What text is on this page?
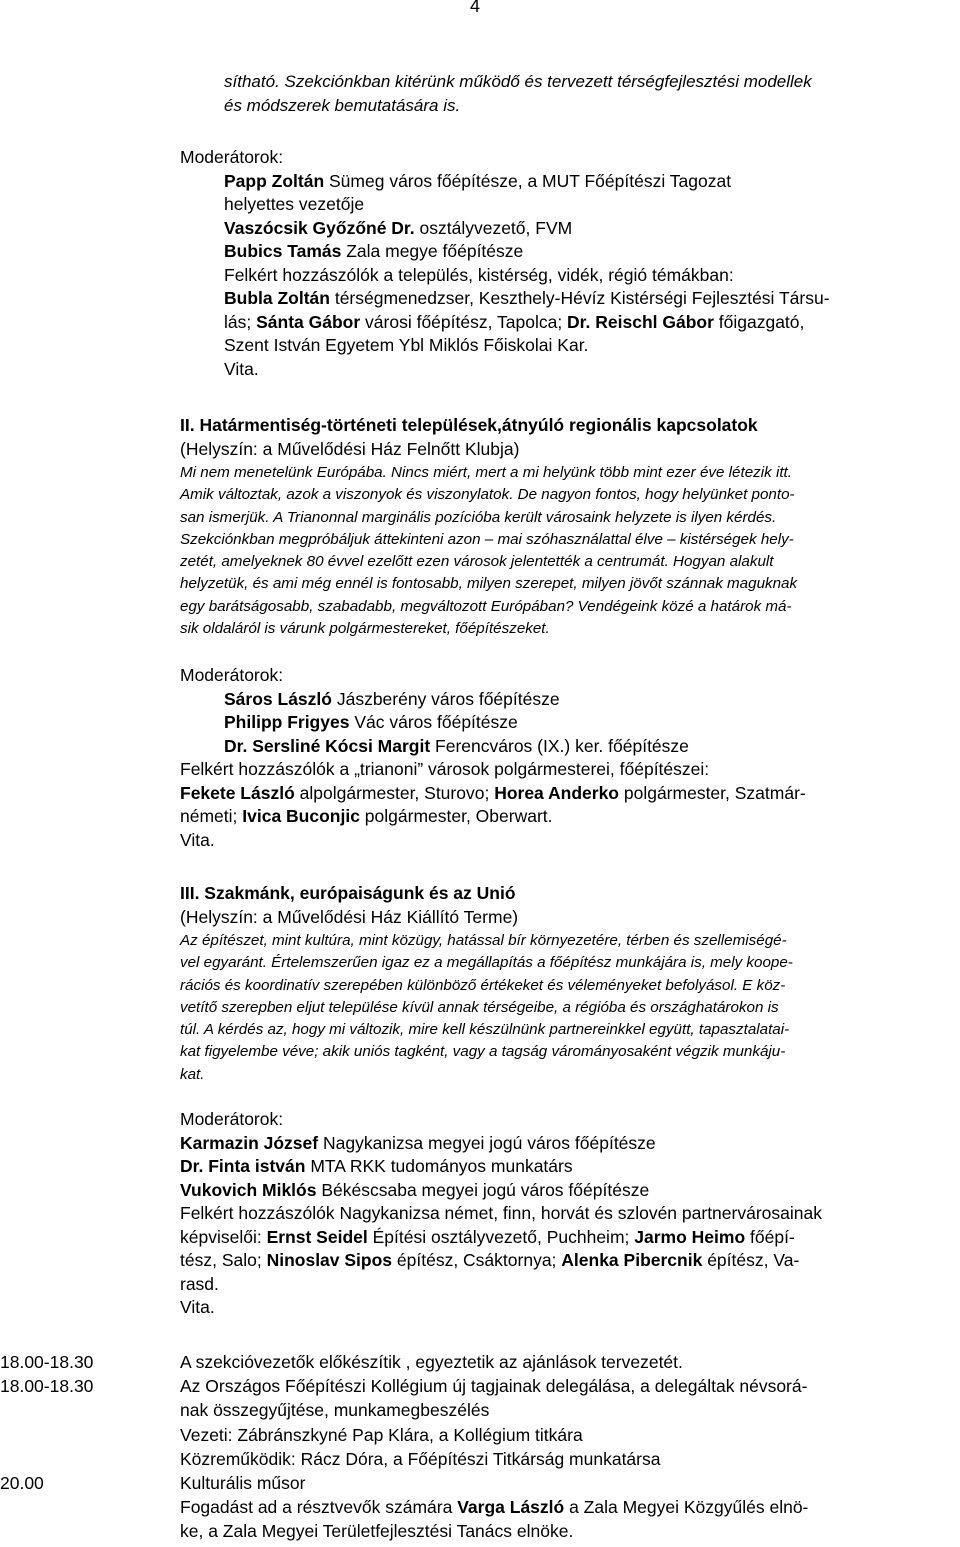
4
sítható. Szekciónkban kitérünk működő és tervezett térségfejlesztési modellek
és módszerek bemutatására is.
Moderátorok:
Papp Zoltán Sümeg város főépítésze, a MUT Főépítészi Tagozat
helyettes vezetője
Vaszócsik Győzőné Dr. osztályvezető, FVM
Bubics Tamás Zala megye főépítésze
Felkért hozzászólók a település, kistérség, vidék, régió témákban:
Bubla Zoltán térségmenedzser, Keszthely-Hévíz Kistérségi Fejlesztési Társu-
lás; Sánta Gábor városi főépítész, Tapolca; Dr. Reischl Gábor főigazgató,
Szent István Egyetem Ybl Miklós Főiskolai Kar.
Vita.
II. Határmentiség-történeti települések,átnyúló regionális kapcsolatok
(Helyszín: a Művelődési Ház Felnőtt Klubja)
Mi nem menetelünk Európába. Nincs miért, mert a mi helyünk több mint ezer éve létezik itt.
Amik változtak, azok a viszonyok és viszonylatok. De nagyon fontos, hogy helyünket ponto-
san ismerjük. A Trianonnal marginális pozícióba került városaink helyzete is ilyen kérdés.
Szekciónkban megpróbáljuk áttekinteni azon – mai szóhasználattal élve – kistérségek hely-
zetét, amelyeknek 80 évvel ezelőtt ezen városok jelentették a centrumát. Hogyan alakult
helyzetük, és ami még ennél is fontosabb, milyen szerepet, milyen jövőt szánnak maguknak
egy barátságosabb, szabadabb, megváltozott Európában? Vendégeink közé a határok má-
sik oldaláról is várunk polgármestereket, főépítészeket.
Moderátorok:
Sáros László Jászberény város főépítésze
Philipp Frigyes Vác város főépítésze
Dr. Sersliné Kócsi Margit Ferencváros (IX.) ker. főépítésze
Felkért hozzászólók a „trianoni” városok polgármesterei, főépítészei:
Fekete László alpolgármester, Sturovo; Horea Anderko polgármester, Szatmár-
németi; Ivica Buconjic polgármester, Oberwart.
Vita.
III. Szakmánk, európaiságunk és az Unió
(Helyszín: a Művelődési Ház Kiállító Terme)
Az építészet, mint kultúra, mint közügy, hatással bír környezetére, térben és szellemiségé-
vel egyaránt. Értelemszerűen igaz ez a megállapítás a főépítész munkájára is, mely koope-
rációs és koordinatív szerepében különböző értékeket és véleményeket befolyásol. E köz-
vetítő szerepben eljut települése kívül annak térségeibe, a régióba és országhatárokon is
túl. A kérdés az, hogy mi változik, mire kell készülnünk partnereinkkel együtt, tapasztalatai-
kat figyelembe véve; akik uniós tagként, vagy a tagság várományosaként végzik munkáju-
kat.
Moderátorok:
Karmazin József Nagykanizsa megyei jogú város főépítésze
Dr. Finta istván MTA RKK tudományos munkatárs
Vukovich Miklós Békéscsaba megyei jogú város főépítésze
Felkért hozzászólók Nagykanizsa német, finn, horvát és szlovén partnervárosainak
képviselői: Ernst Seidel Építési osztályvezető, Puchheim; Jarmo Heimo főépí-
tész, Salo; Ninoslav Sipos építész, Csáktornya; Alenka Pibercnik építész, Va-
rasd.
Vita.
18.00-18.30	A szekcióvezetők előkészítik , egyeztetik az ajánlások tervezetét.
18.00-18.30	Az Országos Főépítészi Kollégium új tagjainak delegálása, a delegáltak névsorá-
nak összegyűjtése, munkamegbeszélés
Vezeti: Zábránszkyné Pap Klára, a Kollégium titkára
Közreműködik: Rácz Dóra, a Főépítészi Titkárság munkatársa
20.00	Kulturális műsor
Fogadást ad a résztvevők számára Varga László a Zala Megyei Közgyűlés elnö-
ke, a Zala Megyei Területfejlesztési Tanács elnöke.
